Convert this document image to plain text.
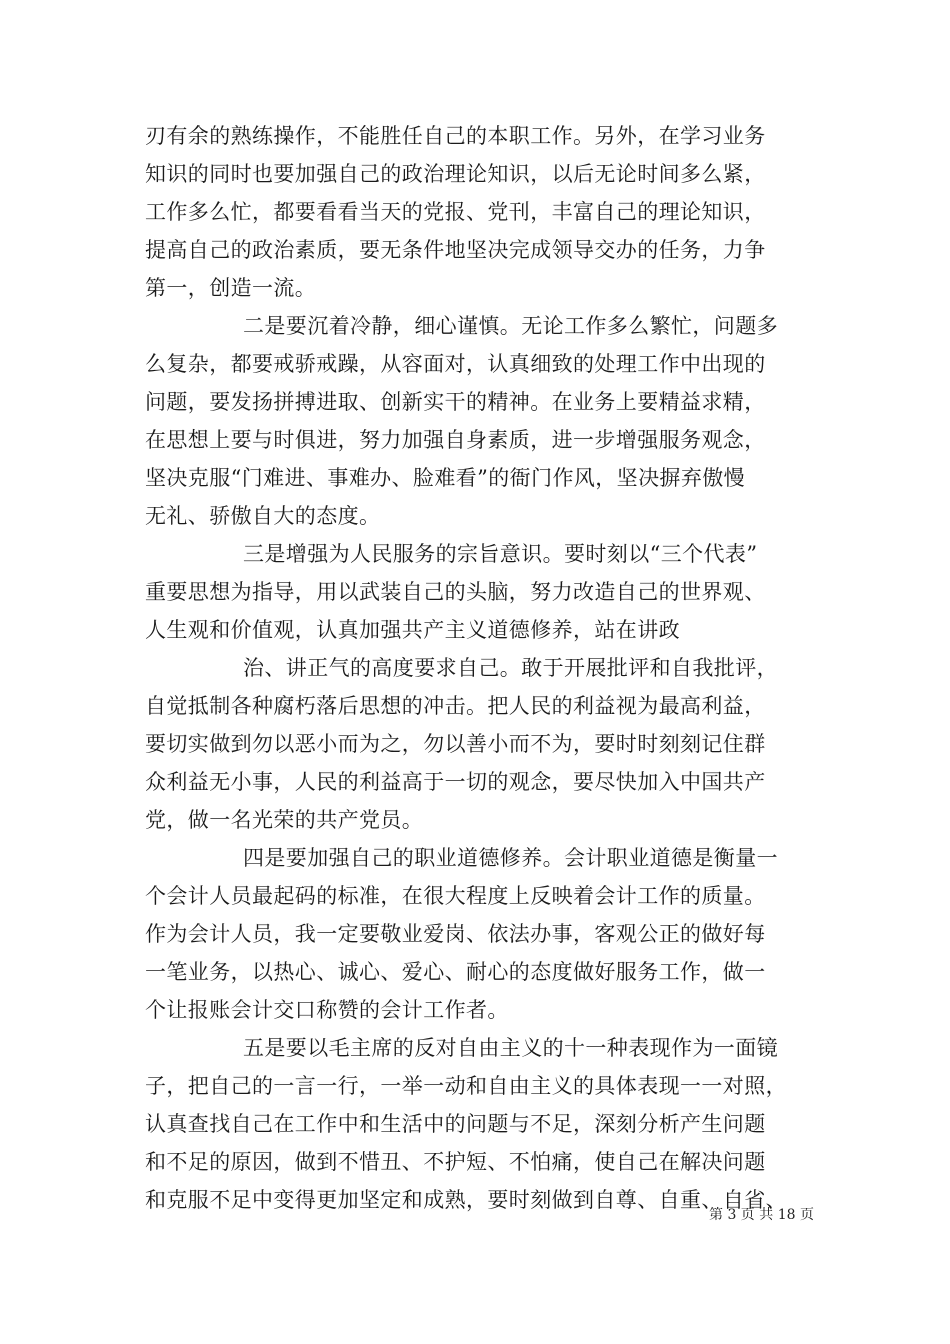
刃有余的熟练操作，不能胜任自己的本职工作。另外，在学习业务
知识的同时也要加强自己的政治理论知识，以后无论时间多么紧，
工作多么忙，都要看看当天的党报、党刊，丰富自己的理论知识，
提高自己的政治素质，要无条件地坚决完成领导交办的任务，力争
第一，创造一流。
二是要沉着冷静，细心谨慎。无论工作多么繁忙，问题多
么复杂，都要戒骄戒躁，从容面对，认真细致的处理工作中出现的
问题，要发扬拼搏进取、创新实干的精神。在业务上要精益求精，
在思想上要与时俱进，努力加强自身素质，进一步增强服务观念，
坚决克服“门难进、事难办、脸难看”的衙门作风，坚决摒弃傲慢
无礼、骄傲自大的态度。
三是增强为人民服务的宗旨意识。要时刻以“三个代表”
重要思想为指导，用以武装自己的头脑，努力改造自己的世界观、
人生观和价值观，认真加强共产主义道德修养，站在讲政
治、讲正气的高度要求自己。敢于开展批评和自我批评，
自觉抵制各种腐朽落后思想的冲击。把人民的利益视为最高利益，
要切实做到勿以恶小而为之，勿以善小而不为，要时时刻刻记住群
众利益无小事，人民的利益高于一切的观念，要尽快加入中国共产
党，做一名光荣的共产党员。
四是要加强自己的职业道德修养。会计职业道德是衡量一
个会计人员最起码的标准，在很大程度上反映着会计工作的质量。
作为会计人员，我一定要敬业爱岗、依法办事，客观公正的做好每
一笔业务，以热心、诚心、爱心、耐心的态度做好服务工作，做一
个让报账会计交口称赞的会计工作者。
五是要以毛主席的反对自由主义的十一种表现作为一面镜
子，把自己的一言一行，一举一动和自由主义的具体表现一一对照，
认真查找自己在工作中和生活中的问题与不足，深刻分析产生问题
和不足的原因，做到不惜丑、不护短、不怕痛，使自己在解决问题
和克服不足中变得更加坚定和成熟，要时刻做到自尊、自重、自省、
第 3 页 共 18 页
